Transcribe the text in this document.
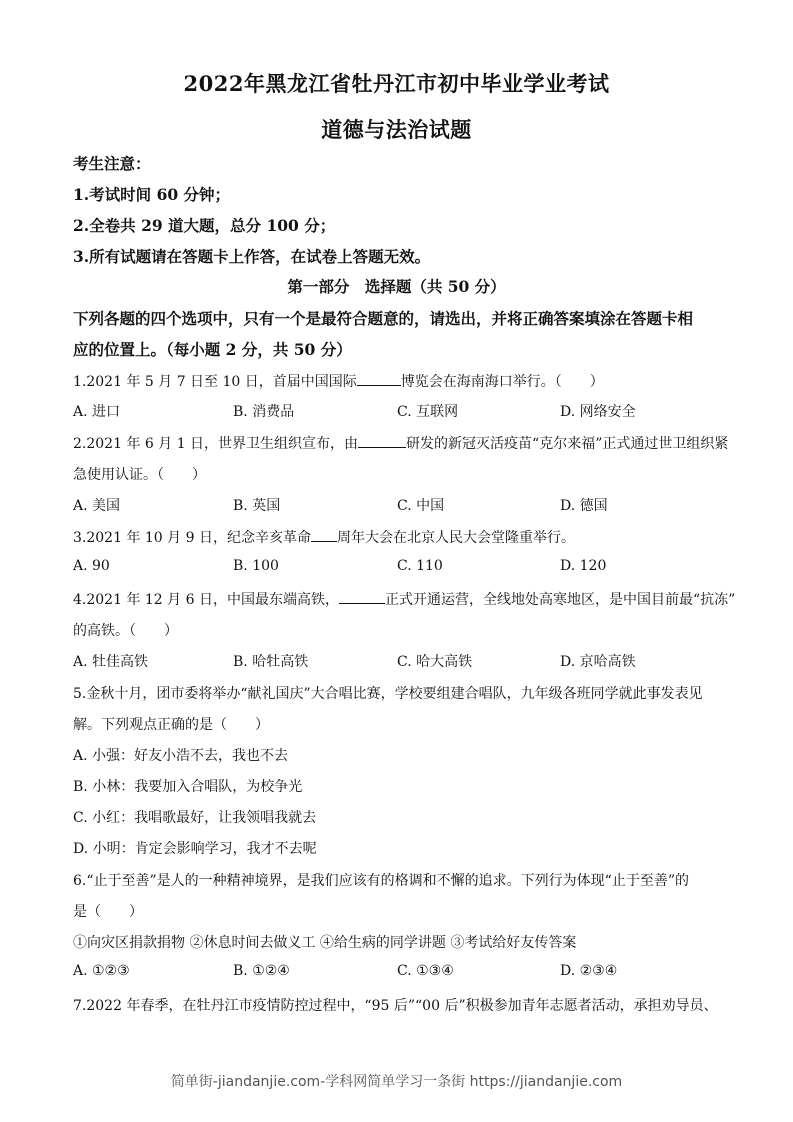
2022年黑龙江省牡丹江市初中毕业学业考试
道德与法治试题
考生注意：
1.考试时间 60 分钟；
2.全卷共 29 道大题，总分 100 分；
3.所有试题请在答题卡上作答，在试卷上答题无效。
第一部分　选择题（共 50 分）
下列各题的四个选项中，只有一个是最符合题意的，请选出，并将正确答案填涂在答题卡相
应的位置上。（每小题 2 分，共 50 分）
1.2021 年 5 月 7 日至 10 日，首届中国国际	博览会在海南海口举行。（　　）
A. 进口	B. 消费品	C. 互联网	D. 网络安全
2.2021 年 6 月 1 日，世界卫生组织宣布，由	研发的新冠灭活疫苗“克尔来福”正式通过世卫组织紧
急使用认证。（　　）
A. 美国	B. 英国	C. 中国	D. 德国
3.2021 年 10 月 9 日，纪念辛亥革命 周年大会在北京人民大会堂隆重举行。
A. 90	B. 100	C. 110	D. 120
4.2021 年 12 月 6 日，中国最东端高铁，	正式开通运营，全线地处高寒地区，是中国目前最“抗冻”
的高铁。（　　）
A. 牡佳高铁	B. 哈牡高铁	C. 哈大高铁	D. 京哈高铁
5.金秋十月，团市委将举办“献礼国庆”大合唱比赛，学校要组建合唱队，九年级各班同学就此事发表见
解。下列观点正确的是（　　）
A. 小强：好友小浩不去，我也不去
B. 小林：我要加入合唱队，为校争光
C. 小红：我唱歌最好，让我领唱我就去
D. 小明：肯定会影响学习，我才不去呢
6.“止于至善”是人的一种精神境界，是我们应该有的格调和不懈的追求。下列行为体现“止于至善”的
是（　　）
①向灾区捐款捐物 ②休息时间去做义工 ④给生病的同学讲题 ③考试给好友传答案
A. ①②③	B. ①②④	C. ①③④	D. ②③④
7.2022 年春季，在牡丹江市疫情防控过程中，“95 后”“00 后”积极参加青年志愿者活动，承担劝导员、
简单街-jiandanjie.com-学科网简单学习一条街 https://jiandanjie.com
